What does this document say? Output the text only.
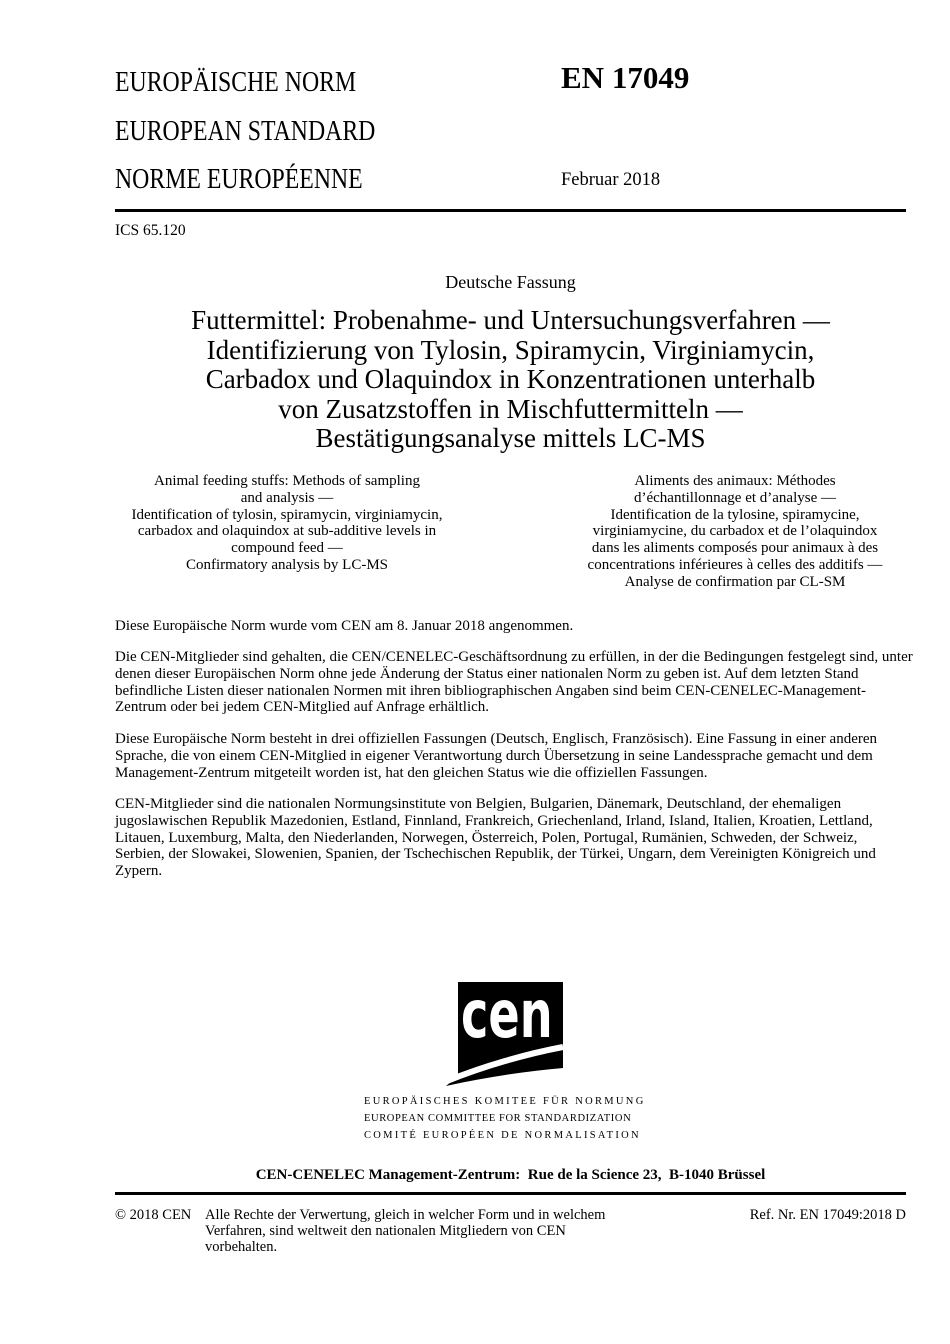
EUROPÄISCHE NORM
EUROPEAN STANDARD
NORME EUROPÉENNE
EN 17049
Februar 2018
ICS 65.120
Deutsche Fassung
Futtermittel: Probenahme- und Untersuchungsverfahren —
Identifizierung von Tylosin, Spiramycin, Virginiamycin,
Carbadox und Olaquindox in Konzentrationen unterhalb
von Zusatzstoffen in Mischfuttermitteln —
Bestätigungsanalyse mittels LC-MS
Animal feeding stuffs: Methods of sampling
and analysis —
Identification of tylosin, spiramycin, virginiamycin,
carbadox and olaquindox at sub-additive levels in
compound feed —
Confirmatory analysis by LC-MS
Aliments des animaux: Méthodes
d’échantillonnage et d’analyse —
Identification de la tylosine, spiramycine,
virginiamycine, du carbadox et de l’olaquindox
dans les aliments composés pour animaux à des
concentrations inférieures à celles des additifs —
Analyse de confirmation par CL-SM
Diese Europäische Norm wurde vom CEN am 8. Januar 2018 angenommen.
Die CEN-Mitglieder sind gehalten, die CEN/CENELEC-Geschäftsordnung zu erfüllen, in der die Bedingungen festgelegt sind, unter
denen dieser Europäischen Norm ohne jede Änderung der Status einer nationalen Norm zu geben ist. Auf dem letzten Stand
befindliche Listen dieser nationalen Normen mit ihren bibliographischen Angaben sind beim CEN-CENELEC-Management-
Zentrum oder bei jedem CEN-Mitglied auf Anfrage erhältlich.
Diese Europäische Norm besteht in drei offiziellen Fassungen (Deutsch, Englisch, Französisch). Eine Fassung in einer anderen
Sprache, die von einem CEN-Mitglied in eigener Verantwortung durch Übersetzung in seine Landessprache gemacht und dem
Management-Zentrum mitgeteilt worden ist, hat den gleichen Status wie die offiziellen Fassungen.
CEN-Mitglieder sind die nationalen Normungsinstitute von Belgien, Bulgarien, Dänemark, Deutschland, der ehemaligen
jugoslawischen Republik Mazedonien, Estland, Finnland, Frankreich, Griechenland, Irland, Island, Italien, Kroatien, Lettland,
Litauen, Luxemburg, Malta, den Niederlanden, Norwegen, Österreich, Polen, Portugal, Rumänien, Schweden, der Schweiz,
Serbien, der Slowakei, Slowenien, Spanien, der Tschechischen Republik, der Türkei, Ungarn, dem Vereinigten Königreich und
Zypern.
cen
EUROPÄISCHES KOMITEE FÜR NORMUNG
EUROPEAN COMMITTEE FOR STANDARDIZATION
COMITÉ EUROPÉEN DE NORMALISATION
CEN-CENELEC Management-Zentrum:  Rue de la Science 23,  B-1040 Brüssel
© 2018 CEN Alle Rechte der Verwertung, gleich in welcher Form und in welchem
Verfahren, sind weltweit den nationalen Mitgliedern von CEN
vorbehalten.
Ref. Nr. EN 17049:2018 D
